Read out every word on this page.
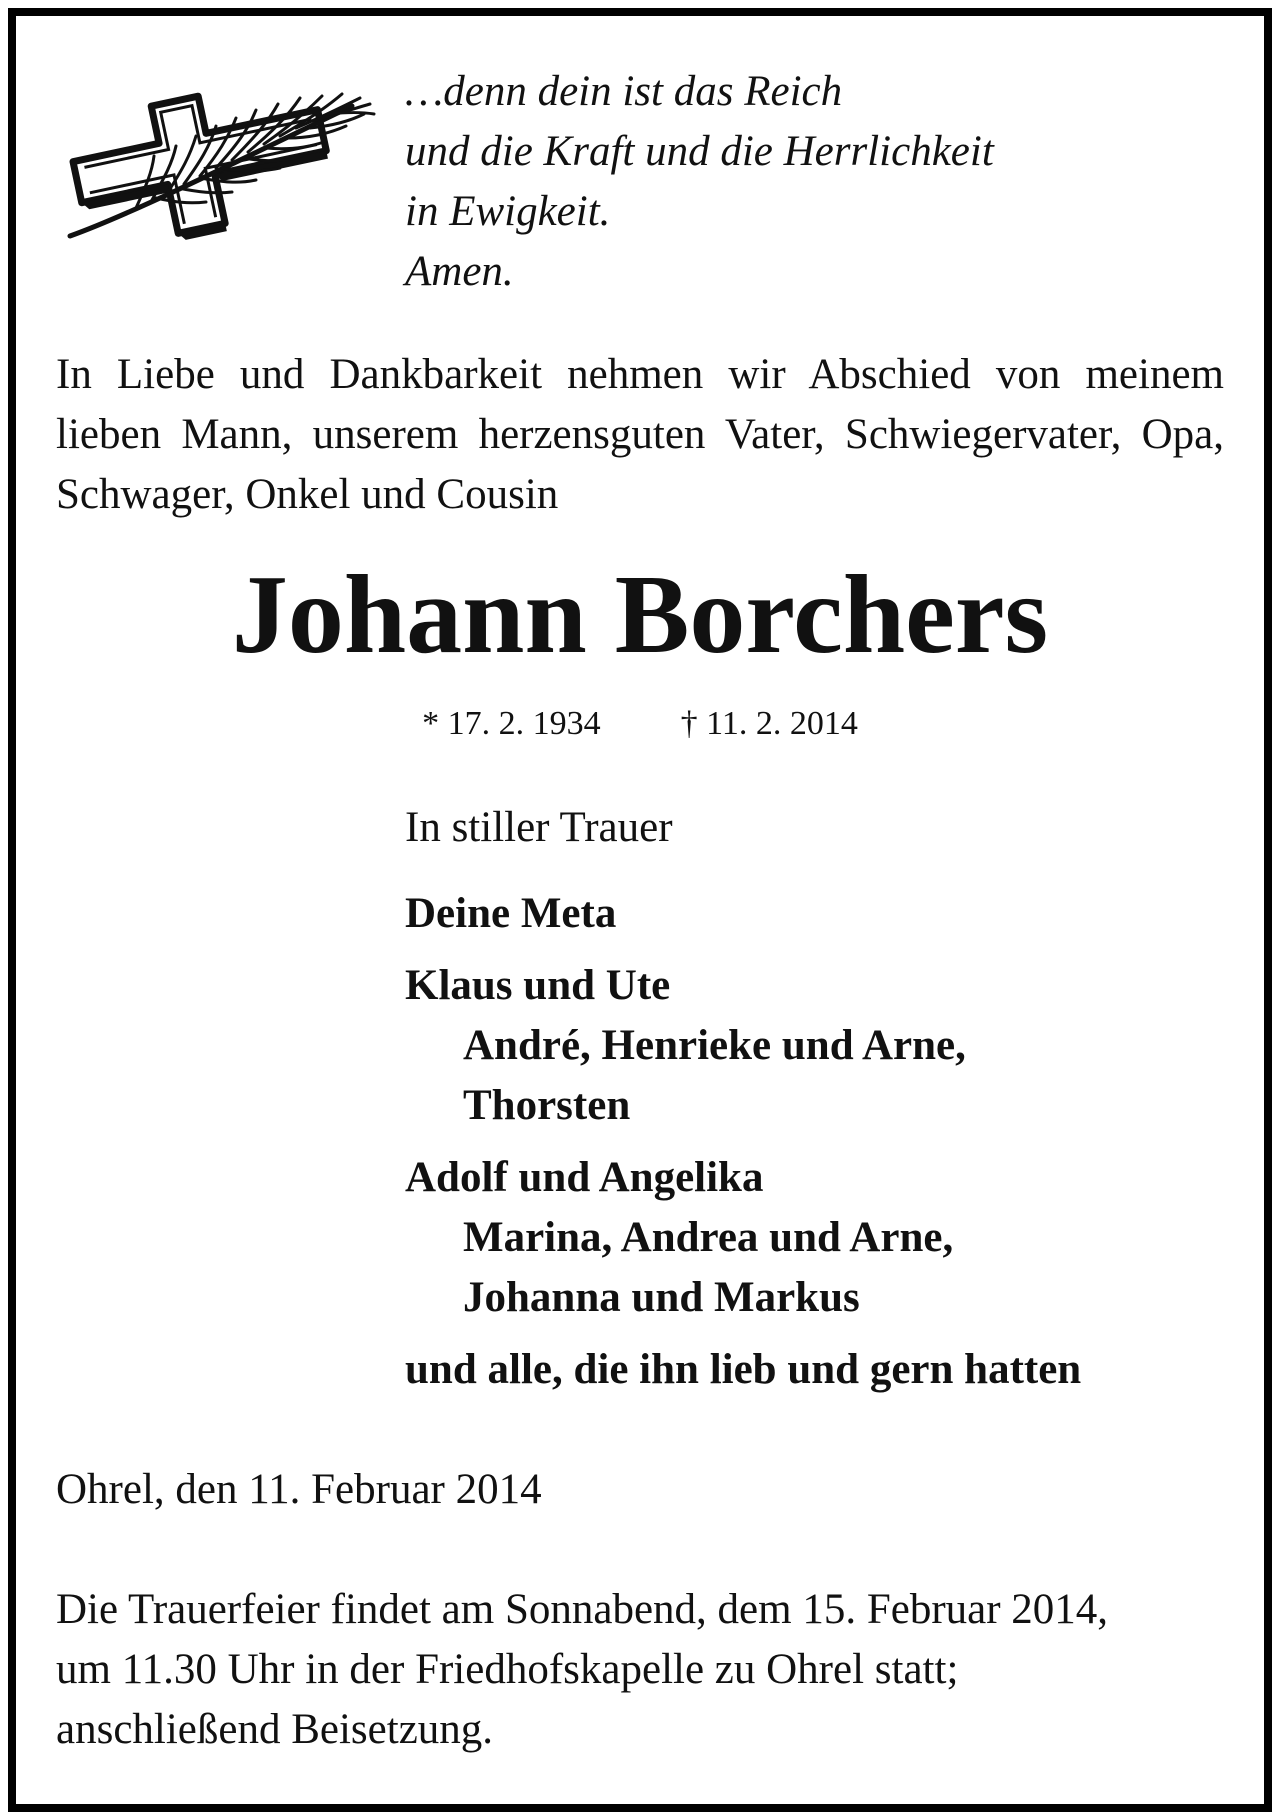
…denn dein ist das Reich
und die Kraft und die Herrlichkeit
in Ewigkeit.
Amen.
In Liebe und Dankbarkeit nehmen wir Abschied von meinem lieben Mann, unserem herzensguten Vater, Schwiegervater, Opa, Schwager, Onkel und Cousin
Johann Borchers
* 17. 2. 1934 † 11. 2. 2014
In stiller Trauer
Deine Meta
Klaus und Ute
André, Henrieke und Arne,
Thorsten
Adolf und Angelika
Marina, Andrea und Arne,
Johanna und Markus
und alle, die ihn lieb und gern hatten
Ohrel, den 11. Februar 2014
Die Trauerfeier findet am Sonnabend, dem 15. Februar 2014,
um 11.30 Uhr in der Friedhofskapelle zu Ohrel statt;
anschließend Beisetzung.
